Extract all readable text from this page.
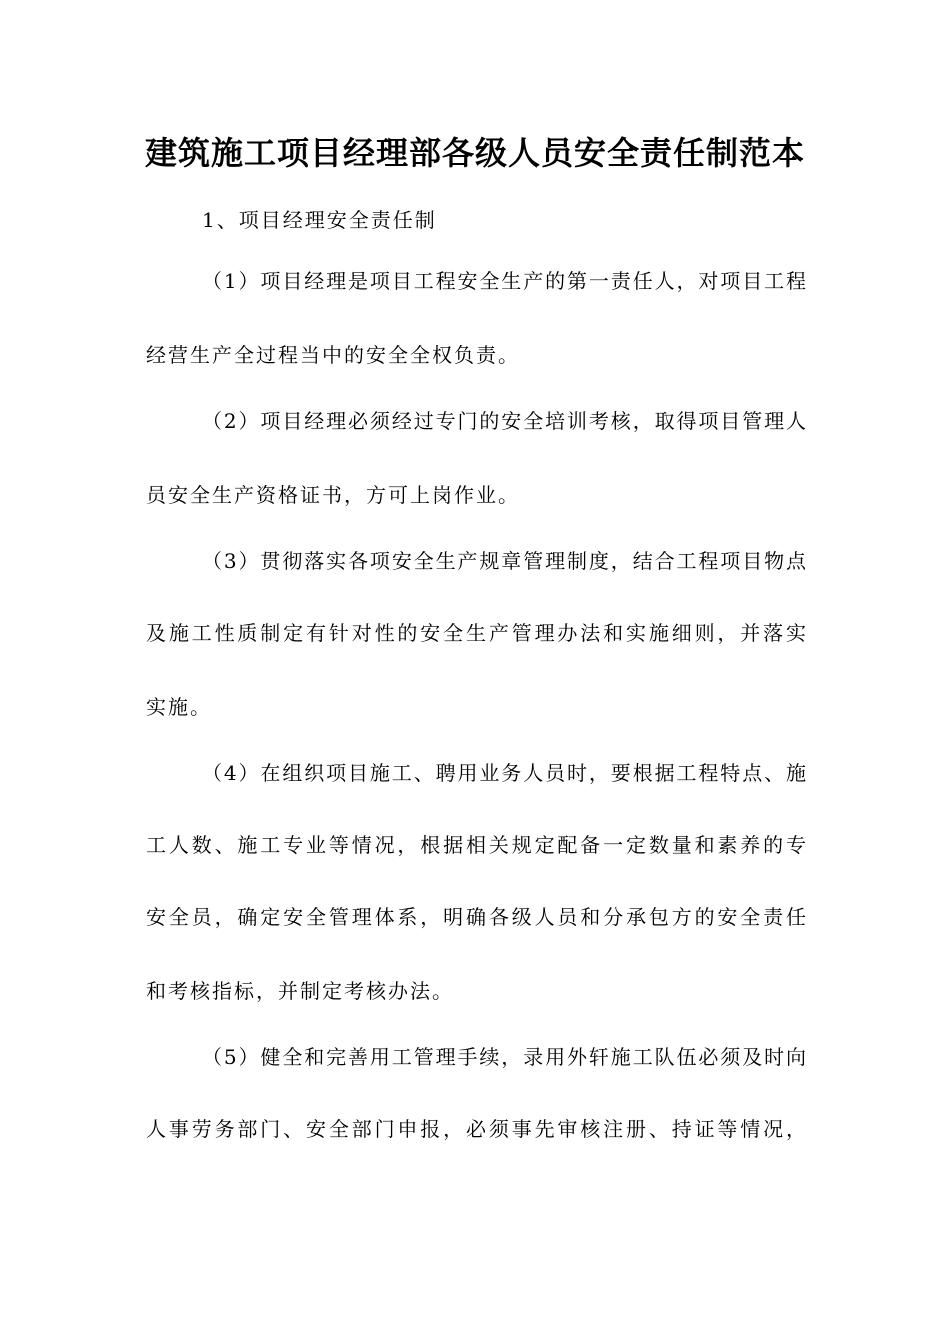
建筑施工项目经理部各级人员安全责任制范本
1、项目经理安全责任制
（1）项目经理是项目工程安全生产的第一责任人，对项目工程
经营生产全过程当中的安全全权负责。
（2）项目经理必须经过专门的安全培训考核，取得项目管理人
员安全生产资格证书，方可上岗作业。
（3）贯彻落实各项安全生产规章管理制度，结合工程项目物点
及施工性质制定有针对性的安全生产管理办法和实施细则，并落实
实施。
（4）在组织项目施工、聘用业务人员时，要根据工程特点、施
工人数、施工专业等情况，根据相关规定配备一定数量和素养的专
安全员，确定安全管理体系，明确各级人员和分承包方的安全责任
和考核指标，并制定考核办法。
（5）健全和完善用工管理手续，录用外轩施工队伍必须及时向
人事劳务部门、安全部门申报，必须事先审核注册、持证等情况，
